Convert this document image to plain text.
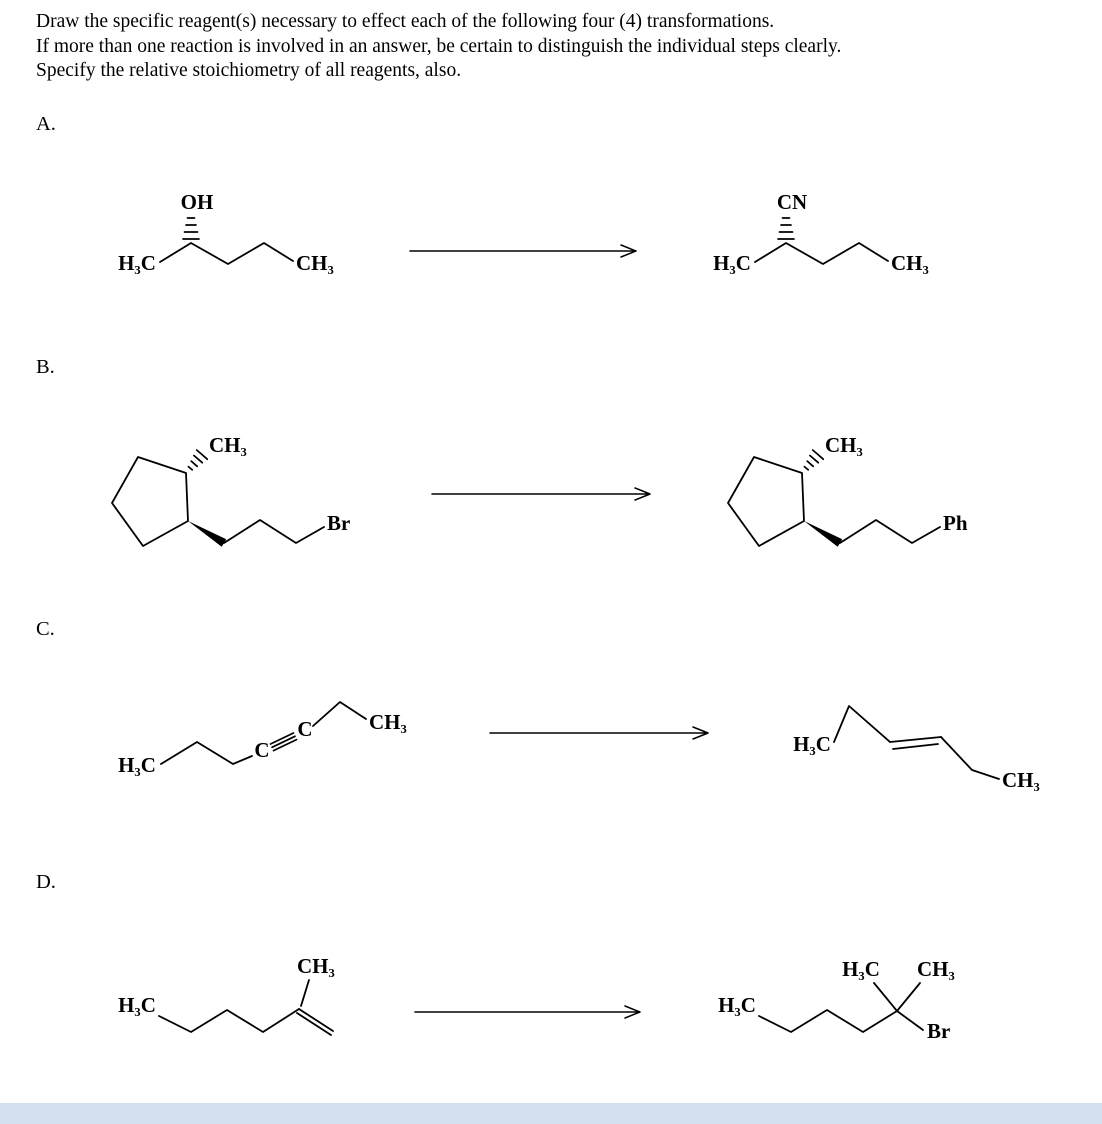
Draw the specific reagent(s) necessary to effect each of the following four (4) transformations.
If more than one reaction is involved in an answer, be certain to distinguish the individual steps clearly.
Specify the relative stoichiometry of all reagents, also.
A.
B.
C.
D.
OH
H₃C	CH₃
CN
H₃C	CH₃
CH₃
Br
CH₃
Ph
H₃C
C
C	CH₃
H₃C
CH₃
H₃C
CH₃
H₃C
H₃C CH₃
Br
